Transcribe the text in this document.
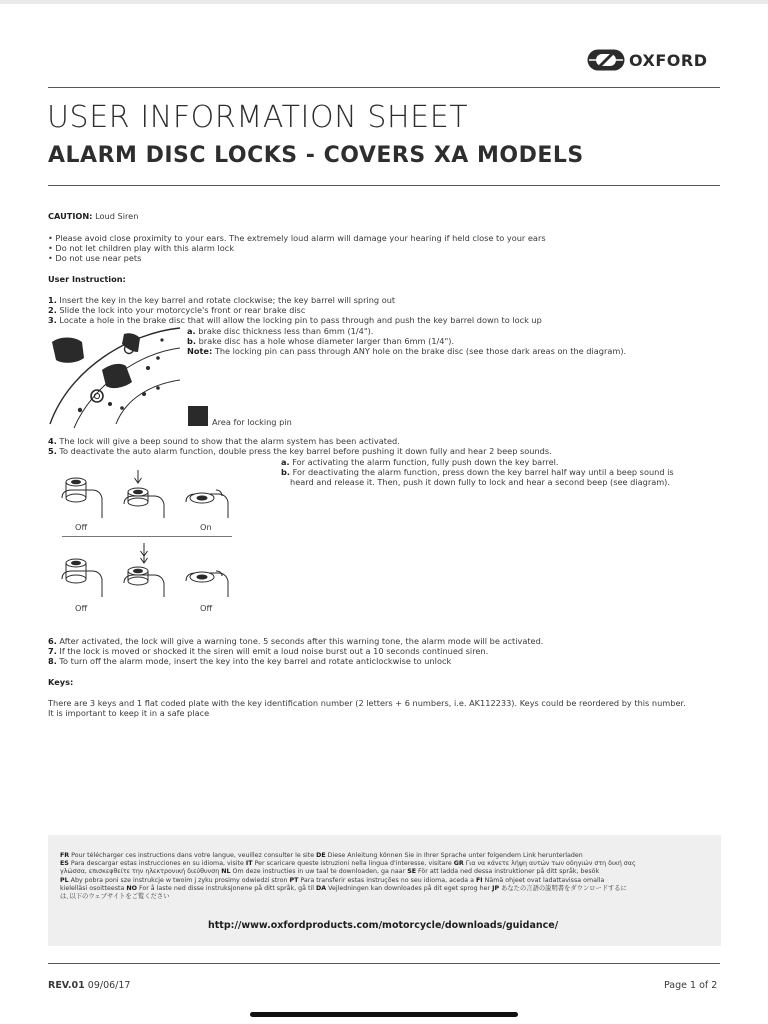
OXFORD
USER INFORMATION SHEET
ALARM DISC LOCKS - COVERS XA MODELS
CAUTION: Loud Siren
• Please avoid close proximity to your ears. The extremely loud alarm will damage your hearing if held close to your ears
• Do not let children play with this alarm lock
• Do not use near pets
User Instruction:
1. Insert the key in the key barrel and rotate clockwise; the key barrel will spring out
2. Slide the lock into your motorcycle's front or rear brake disc
3. Locate a hole in the brake disc that will allow the locking pin to pass through and push the key barrel down to lock up
a. brake disc thickness less than 6mm (1/4").
b. brake disc has a hole whose diameter larger than 6mm (1/4").
Note: The locking pin can pass through ANY hole on the brake disc (see those dark areas on the diagram).
Area for locking pin
4. The lock will give a beep sound to show that the alarm system has been activated.
5. To deactivate the auto alarm function, double press the key barrel before pushing it down fully and hear 2 beep sounds.
a. For activating the alarm function, fully push down the key barrel.
b. For deactivating the alarm function, press down the key barrel half way until a beep sound is
heard and release it. Then, push it down fully to lock and hear a second beep (see diagram).
Off	On
Off	Off
6. After activated, the lock will give a warning tone. 5 seconds after this warning tone, the alarm mode will be activated.
7. If the lock is moved or shocked it the siren will emit a loud noise burst out a 10 seconds continued siren.
8. To turn off the alarm mode, insert the key into the key barrel and rotate anticlockwise to unlock
Keys:
There are 3 keys and 1 flat coded plate with the key identification number (2 letters + 6 numbers, i.e. AK112233). Keys could be reordered by this number.
It is important to keep it in a safe place
FR Pour télécharger ces instructions dans votre langue, veuillez consulter le site DE Diese Anleitung können Sie in Ihrer Sprache unter folgendem Link herunterladen
ES Para descargar estas instrucciones en su idioma, visite IT Per scaricare queste istruzioni nella lingua d'interesse, visitare GR Για να κάνετε λήψη αυτών των οδηγιών στη δική σας
γλώσσα, επισκεφθείτε την ηλεκτρονική διεύθυνση NL Om deze instructies in uw taal te downloaden, ga naar SE För att ladda ned dessa instruktioner på ditt språk, besök
PL Aby pobra poni sze instrukcje w twoim j zyku prosimy odwiedzi stron PT Para transferir estas instruções no seu idioma, aceda a FI Nämä ohjeet ovat ladattavissa omalla
kielelläsi osoitteesta NO For å laste ned disse instruksjonene på ditt språk, gå til DA Vejledningen kan downloades på dit eget sprog her JP あなたの言語の説明書をダウンロードするに
は､以下のウェブサイトをご覧ください
http://www.oxfordproducts.com/motorcycle/downloads/guidance/
REV.01 09/06/17	Page 1 of 2
